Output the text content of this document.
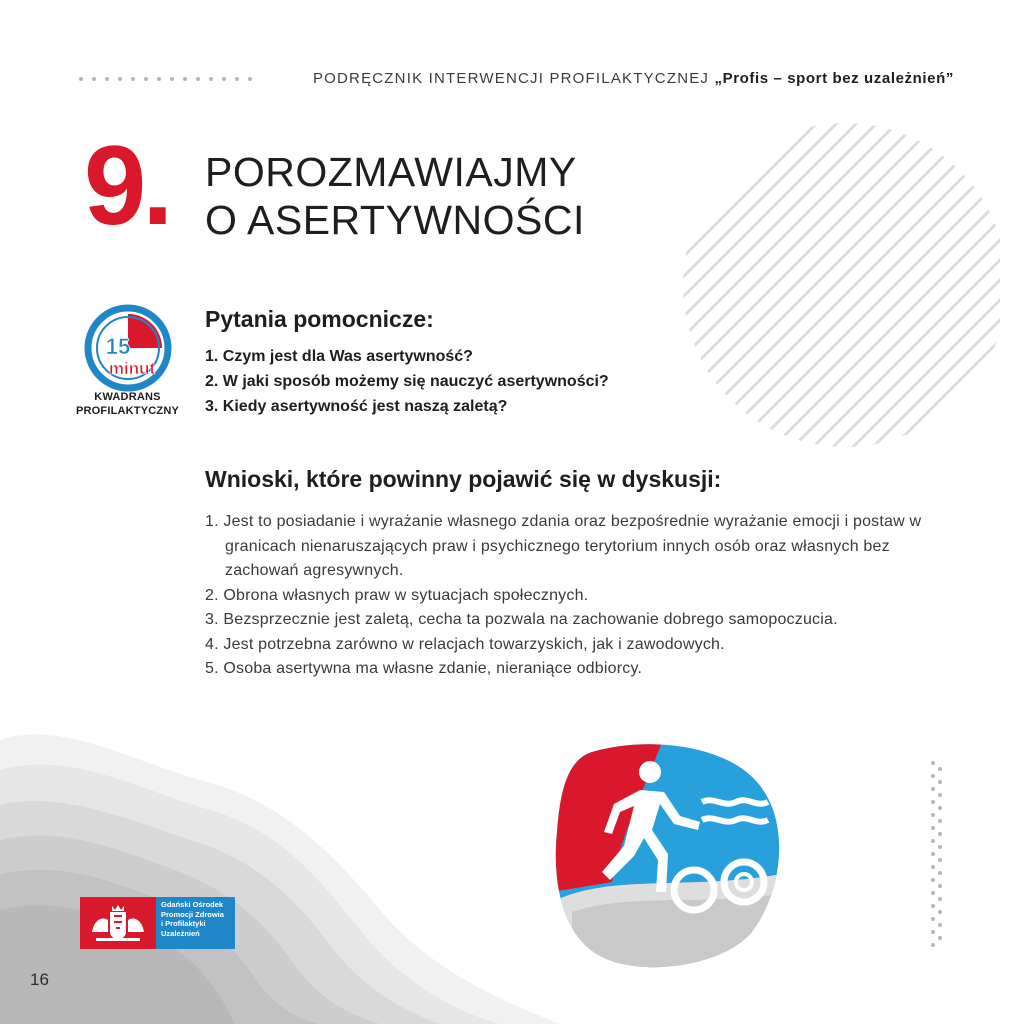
PODRĘCZNIK INTERWENCJI PROFILAKTYCZNEJ „Profis – sport bez uzależnień”
9. POROZMAWIAJMY
O ASERTYWNOŚCI
15
minut
KWADRANS
PROFILAKTYCZNY
Pytania pomocnicze:
1. Czym jest dla Was asertywność?
2. W jaki sposób możemy się nauczyć asertywności?
3. Kiedy asertywność jest naszą zaletą?
Wnioski, które powinny pojawić się w dyskusji:
1. Jest to posiadanie i wyrażanie własnego zdania oraz bezpośrednie wyrażanie emocji i postaw w granicach nienaruszających praw i psychicznego terytorium innych osób oraz własnych bez zachowań agresywnych.
2. Obrona własnych praw w sytuacjach społecznych.
3. Bezsprzecznie jest zaletą, cecha ta pozwala na zachowanie dobrego samopoczucia.
4. Jest potrzebna zarówno w relacjach towarzyskich, jak i zawodowych.
5. Osoba asertywna ma własne zdanie, nieraniące odbiorcy.
Gdański Ośrodek
Promocji Zdrowia
i Profilaktyki
Uzależnień
16
